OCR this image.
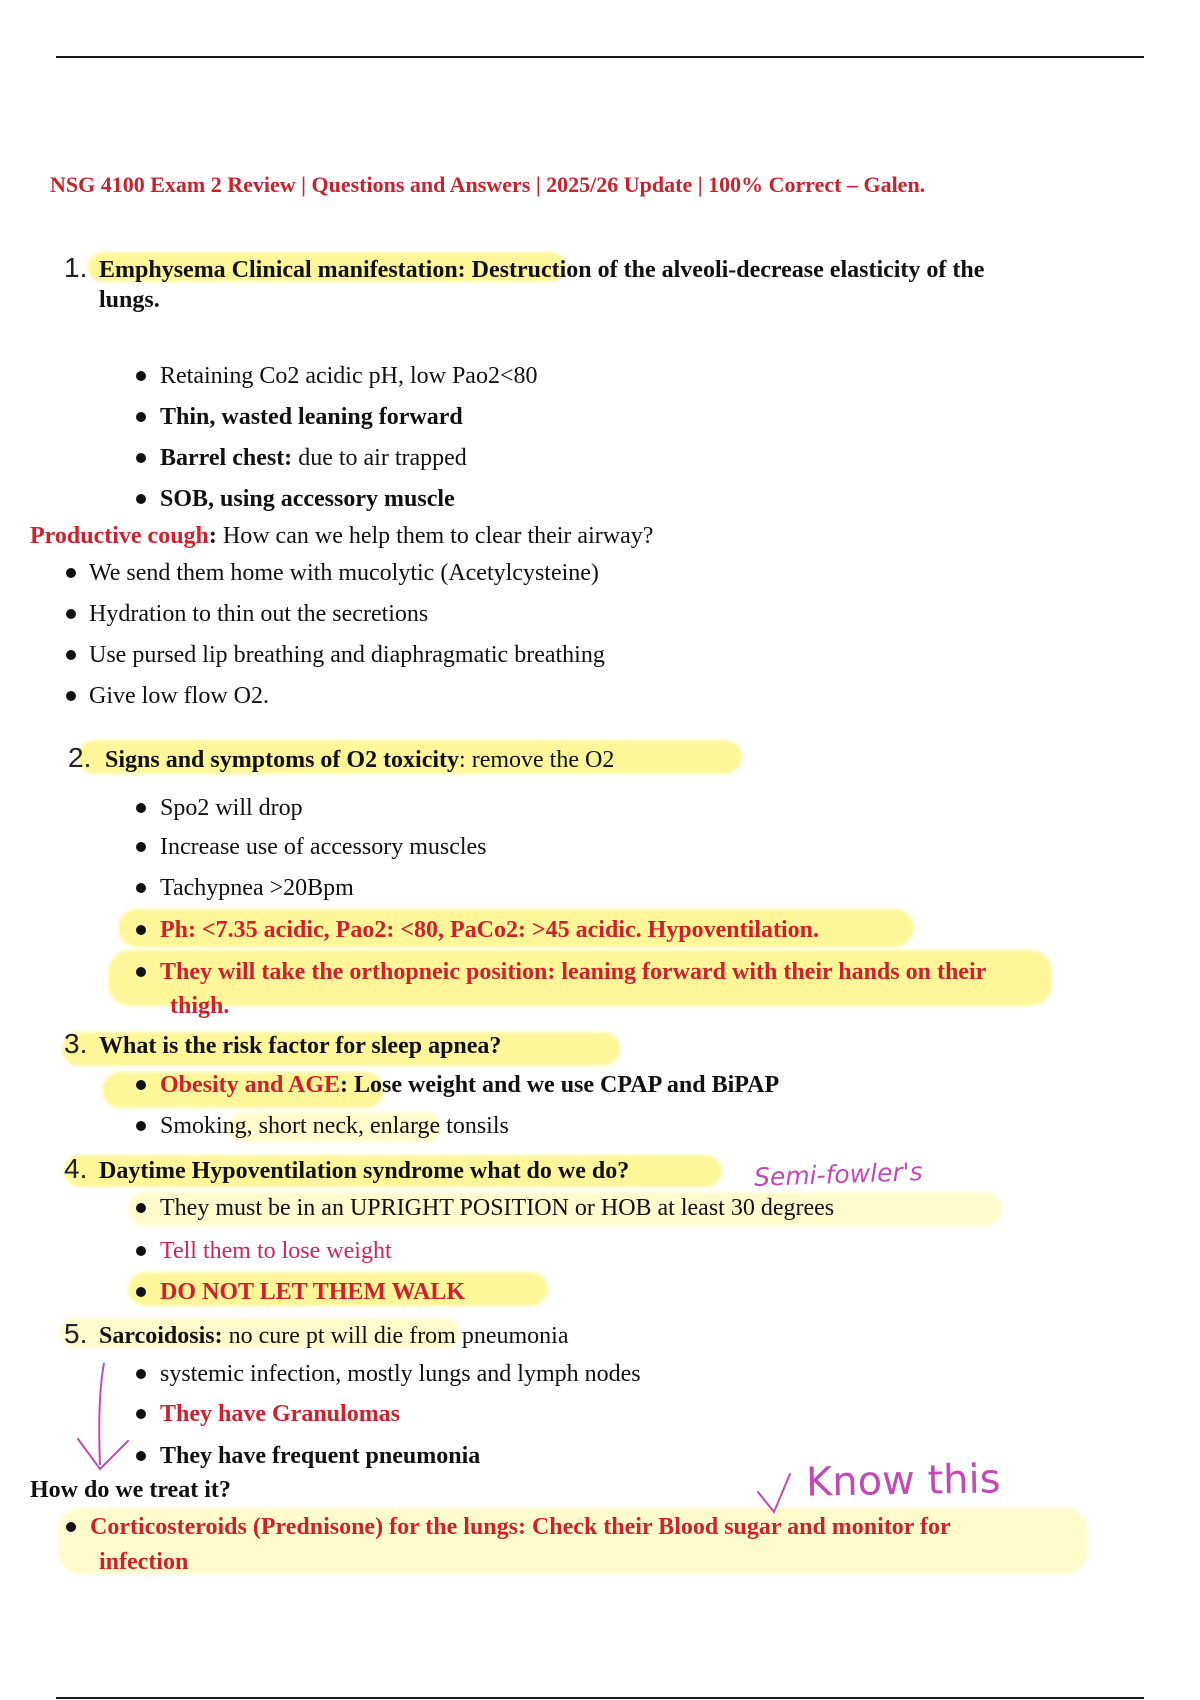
NSG 4100 Exam 2 Review | Questions and Answers | 2025/26 Update | 100% Correct – Galen.
1. Emphysema Clinical manifestation: Destruction of the alveoli-decrease elasticity of the
lungs.
Retaining Co2 acidic pH, low Pao2<80
Thin, wasted leaning forward
Barrel chest: due to air trapped
SOB, using accessory muscle
Productive cough: How can we help them to clear their airway?
We send them home with mucolytic (Acetylcysteine)
Hydration to thin out the secretions
Use pursed lip breathing and diaphragmatic breathing
Give low flow O2.
2. Signs and symptoms of O2 toxicity: remove the O2
Spo2 will drop
Increase use of accessory muscles
Tachypnea >20Bpm
Ph: <7.35 acidic, Pao2: <80, PaCo2: >45 acidic. Hypoventilation.
They will take the orthopneic position: leaning forward with their hands on their
thigh.
3. What is the risk factor for sleep apnea?
Obesity and AGE: Lose weight and we use CPAP and BiPAP
Smoking, short neck, enlarge tonsils
4. Daytime Hypoventilation syndrome what do we do?	Semi-fowler's
They must be in an UPRIGHT POSITION or HOB at least 30 degrees
Tell them to lose weight
DO NOT LET THEM WALK
5. Sarcoidosis: no cure pt will die from pneumonia
systemic infection, mostly lungs and lymph nodes
They have Granulomas
They have frequent pneumonia
How do we treat it?	Know this
Corticosteroids (Prednisone) for the lungs: Check their Blood sugar and monitor for
infection
